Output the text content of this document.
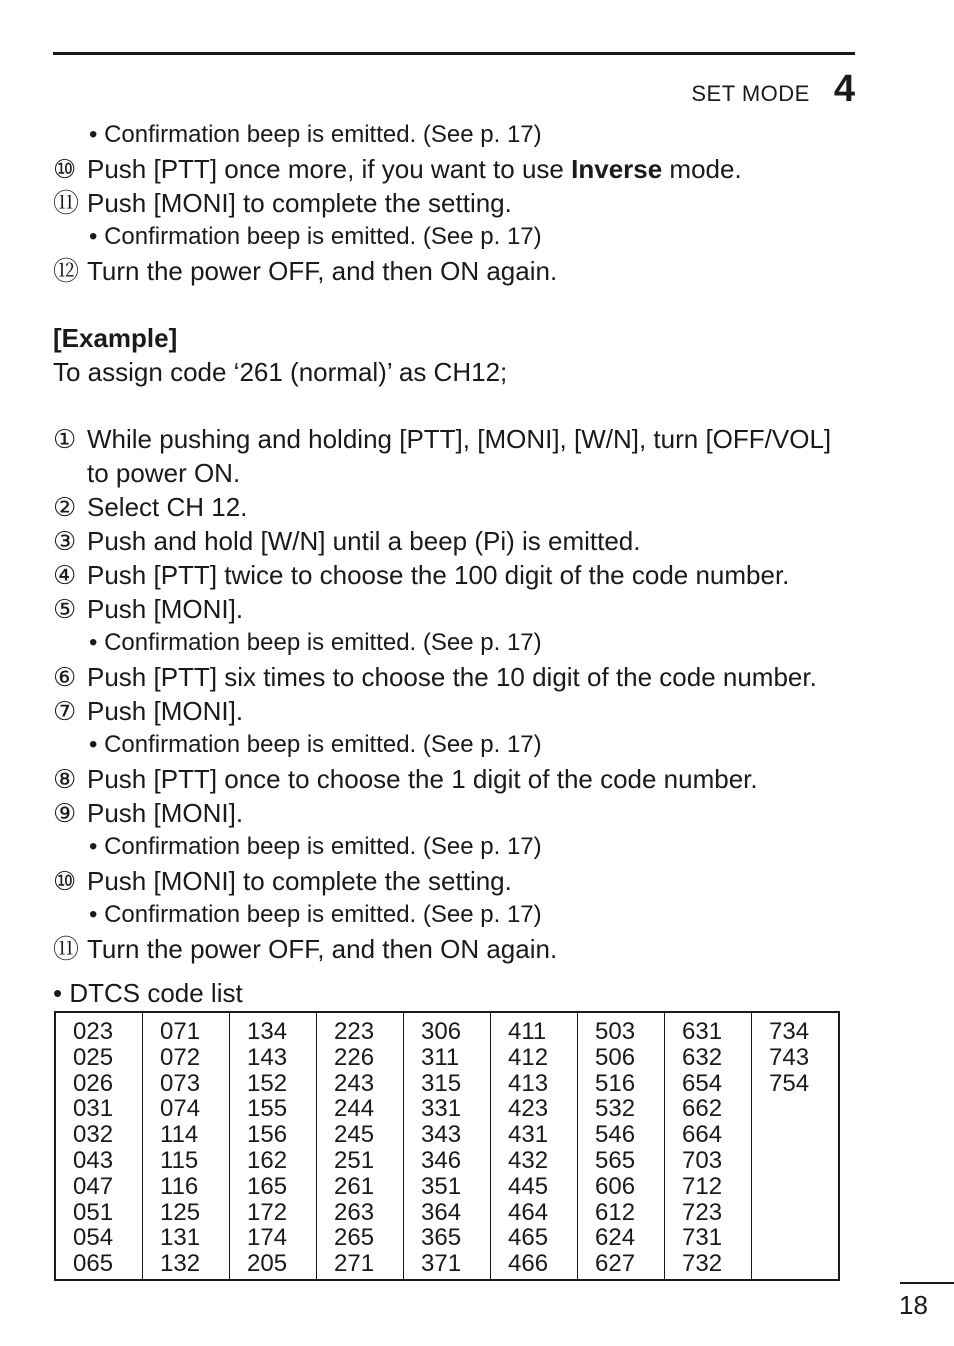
SET MODE 4
• Confirmation beep is emitted. (See p. 17)
⑩ Push [PTT] once more, if you want to use Inverse mode.
⑪ Push [MONI] to complete the setting.
• Confirmation beep is emitted. (See p. 17)
⑫ Turn the power OFF, and then ON again.
[Example]
To assign code ‘261 (normal)’ as CH12;
① While pushing and holding [PTT], [MONI], [W/N], turn [OFF/VOL]
to power ON.
② Select CH 12.
③ Push and hold [W/N] until a beep (Pi) is emitted.
④ Push [PTT] twice to choose the 100 digit of the code number.
⑤ Push [MONI].
• Confirmation beep is emitted. (See p. 17)
⑥ Push [PTT] six times to choose the 10 digit of the code number.
⑦ Push [MONI].
• Confirmation beep is emitted. (See p. 17)
⑧ Push [PTT] once to choose the 1 digit of the code number.
⑨ Push [MONI].
• Confirmation beep is emitted. (See p. 17)
⑩ Push [MONI] to complete the setting.
• Confirmation beep is emitted. (See p. 17)
⑪ Turn the power OFF, and then ON again.
• DTCS code list
023
025
026
031
032
043
047
051
054
065
071
072
073
074
114
115
116
125
131
132
134
143
152
155
156
162
165
172
174
205
223
226
243
244
245
251
261
263
265
271
306
311
315
331
343
346
351
364
365
371
411
412
413
423
431
432
445
464
465
466
503
506
516
532
546
565
606
612
624
627
631
632
654
662
664
703
712
723
731
732
734
743
754
18
